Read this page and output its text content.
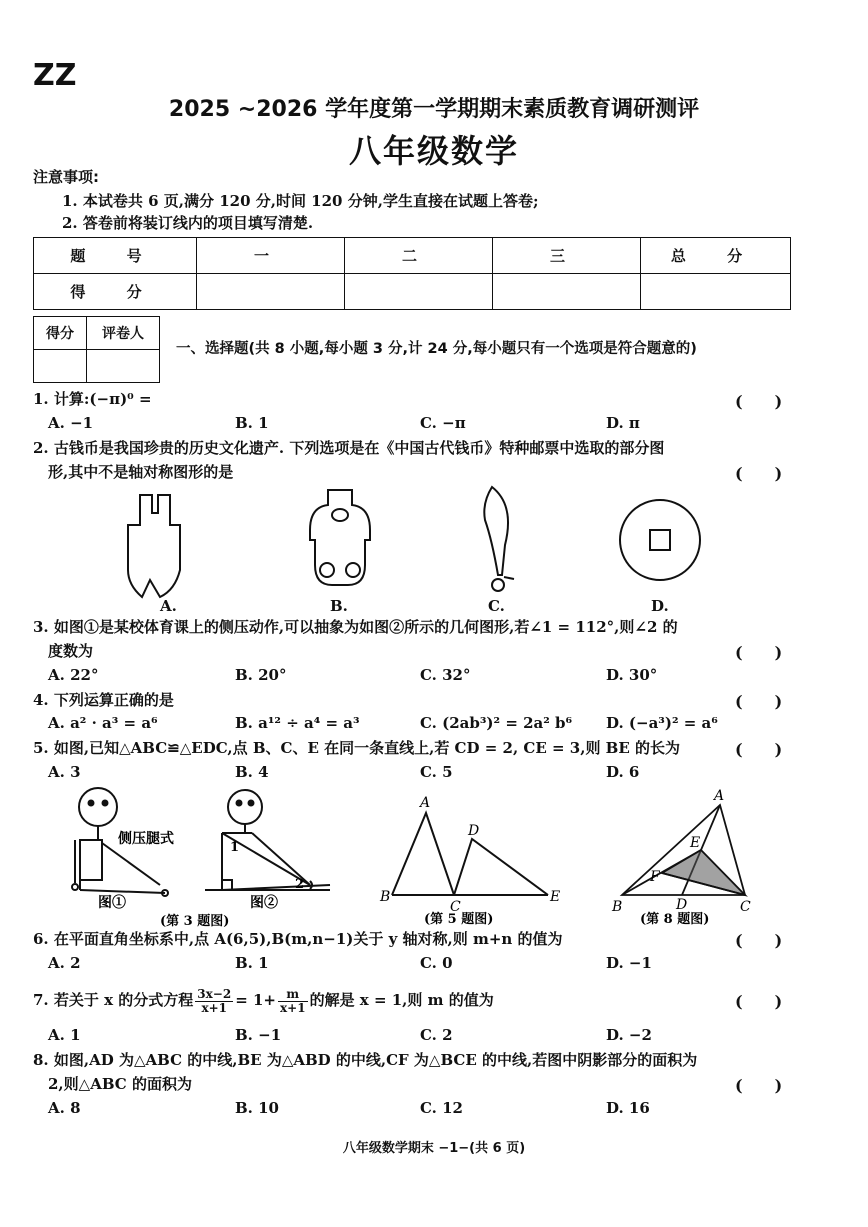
ZZ
2025 ~2026 学年度第一学期期末素质教育调研测评
八年级数学
注意事项:
1. 本试卷共 6 页,满分 120 分,时间 120 分钟,学生直接在试题上答卷;
2. 答卷前将装订线内的项目填写清楚.
题 号	一	二	三	总 分
得 分				
得分	评卷人

一、选择题(共 8 小题,每小题 3 分,计 24 分,每小题只有一个选项是符合题意的)
1. 计算:(−π)⁰ =	(　　)
A. −1	B. 1	C. −π	D. π
2. 古钱币是我国珍贵的历史文化遗产. 下列选项是在《中国古代钱币》特种邮票中选取的部分图
形,其中不是轴对称图形的是	(　　)
A.	B.	C.	D.
3. 如图①是某校体育课上的侧压动作,可以抽象为如图②所示的几何图形,若∠1 = 112°,则∠2 的
度数为	(　　)
A. 22°	B. 20°	C. 32°	D. 30°
4. 下列运算正确的是	(　　)
A. a² · a³ = a⁶	B. a¹² ÷ a⁴ = a³	C. (2ab³)² = 2a² b⁶ D. (−a³)² = a⁶
5. 如图,已知△ABC≌△EDC,点 B、C、E 在同一条直线上,若 CD = 2, CE = 3,则 BE 的长为	(　　)
A. 3	B. 4	C. 5	D. 6
侧压腿式
图①
1
2
图②
(第 3 题图)
A
D
B
C
E
(第 5 题图)
A
E
F
B	D	C
(第 8 题图)
6. 在平面直角坐标系中,点 A(6,5),B(m,n−1)关于 y 轴对称,则 m+n 的值为	(　　)
A. 2	B. 1	C. 0	D. −1
7. 若关于 x 的分式方程 $\frac{3x-2}{x+1} = 1+ \frac{m}{x+1}$ 的解是 x = 1,则 m 的值为	(　　)
A. 1	B. −1	C. 2	D. −2
8. 如图,AD 为△ABC 的中线,BE 为△ABD 的中线,CF 为△BCE 的中线,若图中阴影部分的面积为
2,则△ABC 的面积为	(　　)
A. 8	B. 10	C. 12	D. 16
八年级数学期末 −1−(共 6 页)
